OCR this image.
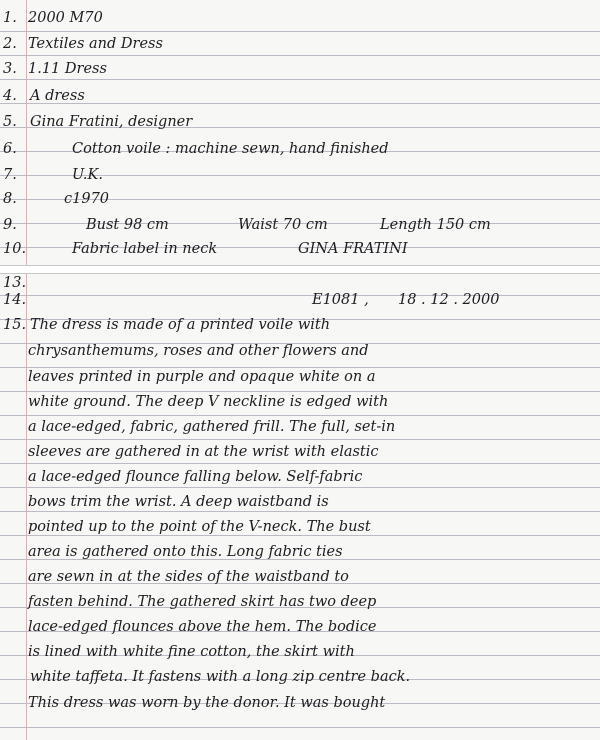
1. 2000 M70
2. Textiles and Dress
3. 1.11 Dress
4. A dress
5. Gina Fratini, designer
6.	Cotton voile : machine sewn, hand finished
7.	U.K.
8.	c1970
9.	Bust 98 cm	Waist 70 cm	Length 150 cm
10.	Fabric label in neck	GINA FRATINI
13.
14.	E1081 , 18 . 12 . 2000
15. The dress is made of a printed voile with
chrysanthemums, roses and other flowers and
leaves printed in purple and opaque white on a
white ground. The deep V neckline is edged with
a lace-edged, fabric, gathered frill. The full, set-in
sleeves are gathered in at the wrist with elastic
a lace-edged flounce falling below. Self-fabric
bows trim the wrist. A deep waistband is
pointed up to the point of the V-neck. The bust
area is gathered onto this. Long fabric ties
are sewn in at the sides of the waistband to
fasten behind. The gathered skirt has two deep
lace-edged flounces above the hem. The bodice
is lined with white fine cotton, the skirt with
white taffeta. It fastens with a long zip centre back.
This dress was worn by the donor. It was bought
